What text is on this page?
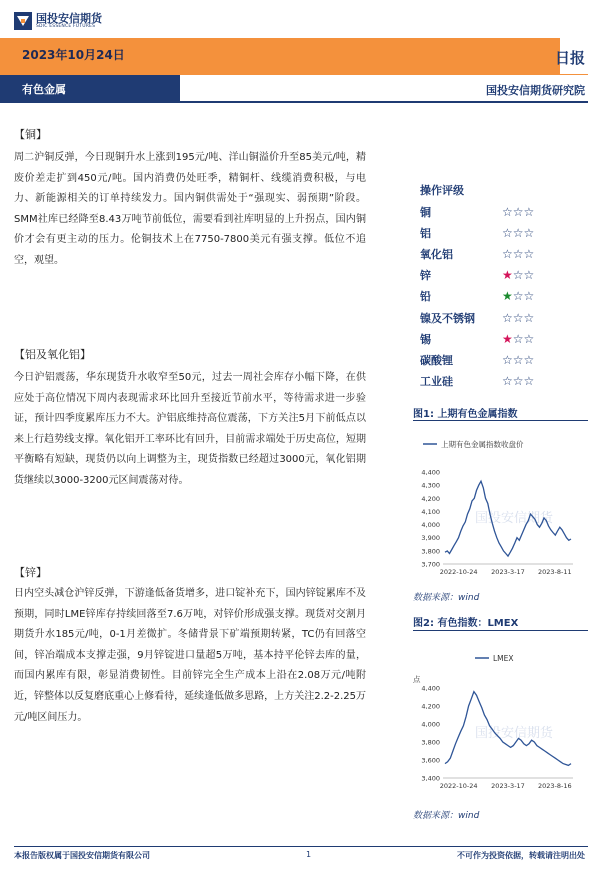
国投安信期货
SDIC ESSENCE FUTURES
2023年10月24日	日报
有色金属	国投安信期货研究院
【铜】
周二沪铜反弹，今日现铜升水上涨到195元/吨、洋山铜溢价升至85美元/吨，精废价差走扩到450元/吨。国内消费仍处旺季，精铜杆、线缆消费积极，与电力、新能源相关的订单持续发力。国内铜供需处于“强现实、弱预期”阶段。SMM社库已经降至8.43万吨节前低位，需要看到社库明显的上升拐点，国内铜价才会有更主动的压力。伦铜技术上在7750-7800美元有强支撑。低位不追空，观望。
【铝及氧化铝】
今日沪铝震荡，华东现货升水收窄至50元，过去一周社会库存小幅下降，在供应处于高位情况下周内表现需求环比回升至接近节前水平，等待需求进一步验证，预计四季度累库压力不大。沪铝底维持高位震荡，下方关注5月下前低点以来上行趋势线支撑。氧化铝开工率环比有回升，目前需求端处于历史高位，短期平衡略有短缺，现货仍以向上调整为主，现货指数已经超过3000元，氧化铝期货继续以3000-3200元区间震荡对待。
【锌】
日内空头减仓沪锌反弹，下游逢低备货增多，进口锭补充下，国内锌锭累库不及预期，同时LME锌库存持续回落至7.6万吨，对锌价形成强支撑。现货对交割月期货升水185元/吨，0-1月差微扩。冬储背景下矿端预期转紧，TC仍有回落空间，锌冶端成本支撑走强，9月锌锭进口量超5万吨，基本持平伦锌去库的量，而国内累库有限，彰显消费韧性。目前锌完全生产成本上沿在2.08万元/吨附近，锌整体以反复磨底重心上修看待，延续逢低做多思路，上方关注2.2-2.25万元/吨区间压力。
操作评级
铜	☆☆☆
铝	☆☆☆
氧化铝	☆☆☆
锌	★☆☆
铅	★☆☆
镍及不锈钢	☆☆☆
锡	★☆☆
碳酸锂	☆☆☆
工业硅	☆☆☆
图1: 上期有色金属指数
上期有色金属指数收盘价
国投安信期货
4,400
4,300
4,200
4,100
4,000
3,900
3,800
3,700
2022-10-24 2023-3-17 2023-8-11
数据来源：wind
图2: 有色指数：LMEX
LMEX
点
国投安信期货
4,400
4,200
4,000
3,800
3,600
3,400
2022-10-24 2023-3-17 2023-8-16
数据来源：wind
本报告版权属于国投安信期货有限公司	1	不可作为投资依据，转载请注明出处
